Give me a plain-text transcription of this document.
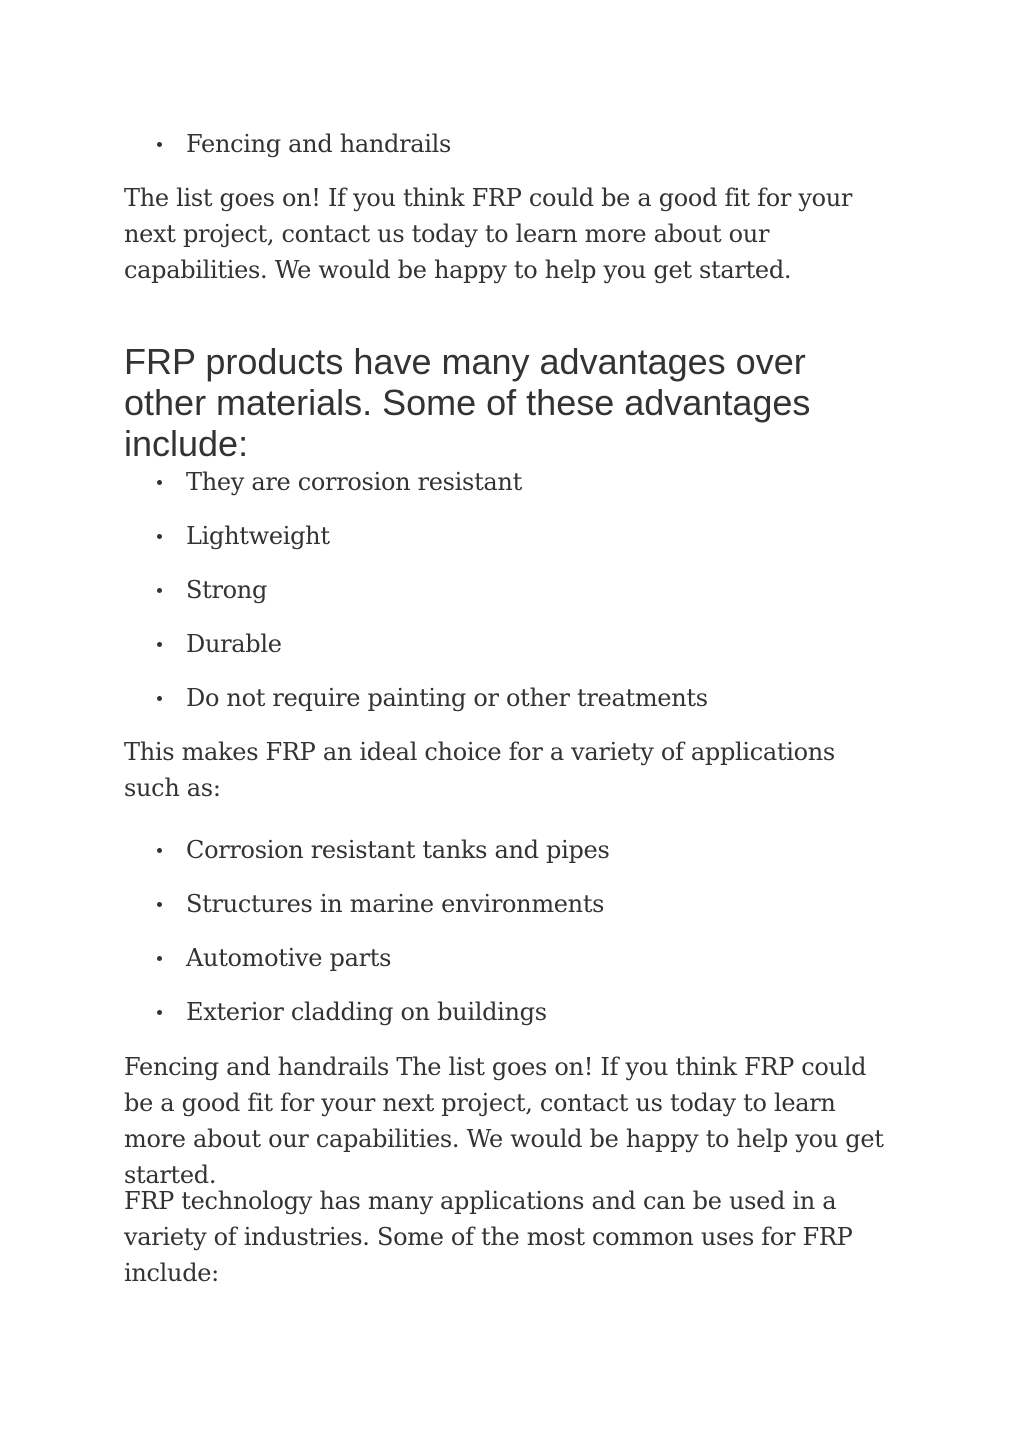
Fencing and handrails

The list goes on! If you think FRP could be a good fit for your next project, contact us today to learn more about our capabilities. We would be happy to help you get started.

FRP products have many advantages over other materials. Some of these advantages include:
They are corrosion resistant
Lightweight
Strong
Durable
Do not require painting or other treatments

This makes FRP an ideal choice for a variety of applications such as:

Corrosion resistant tanks and pipes
Structures in marine environments
Automotive parts
Exterior cladding on buildings

Fencing and handrails The list goes on! If you think FRP could be a good fit for your next project, contact us today to learn more about our capabilities. We would be happy to help you get started.

FRP technology has many applications and can be used in a variety of industries. Some of the most common uses for FRP include:
